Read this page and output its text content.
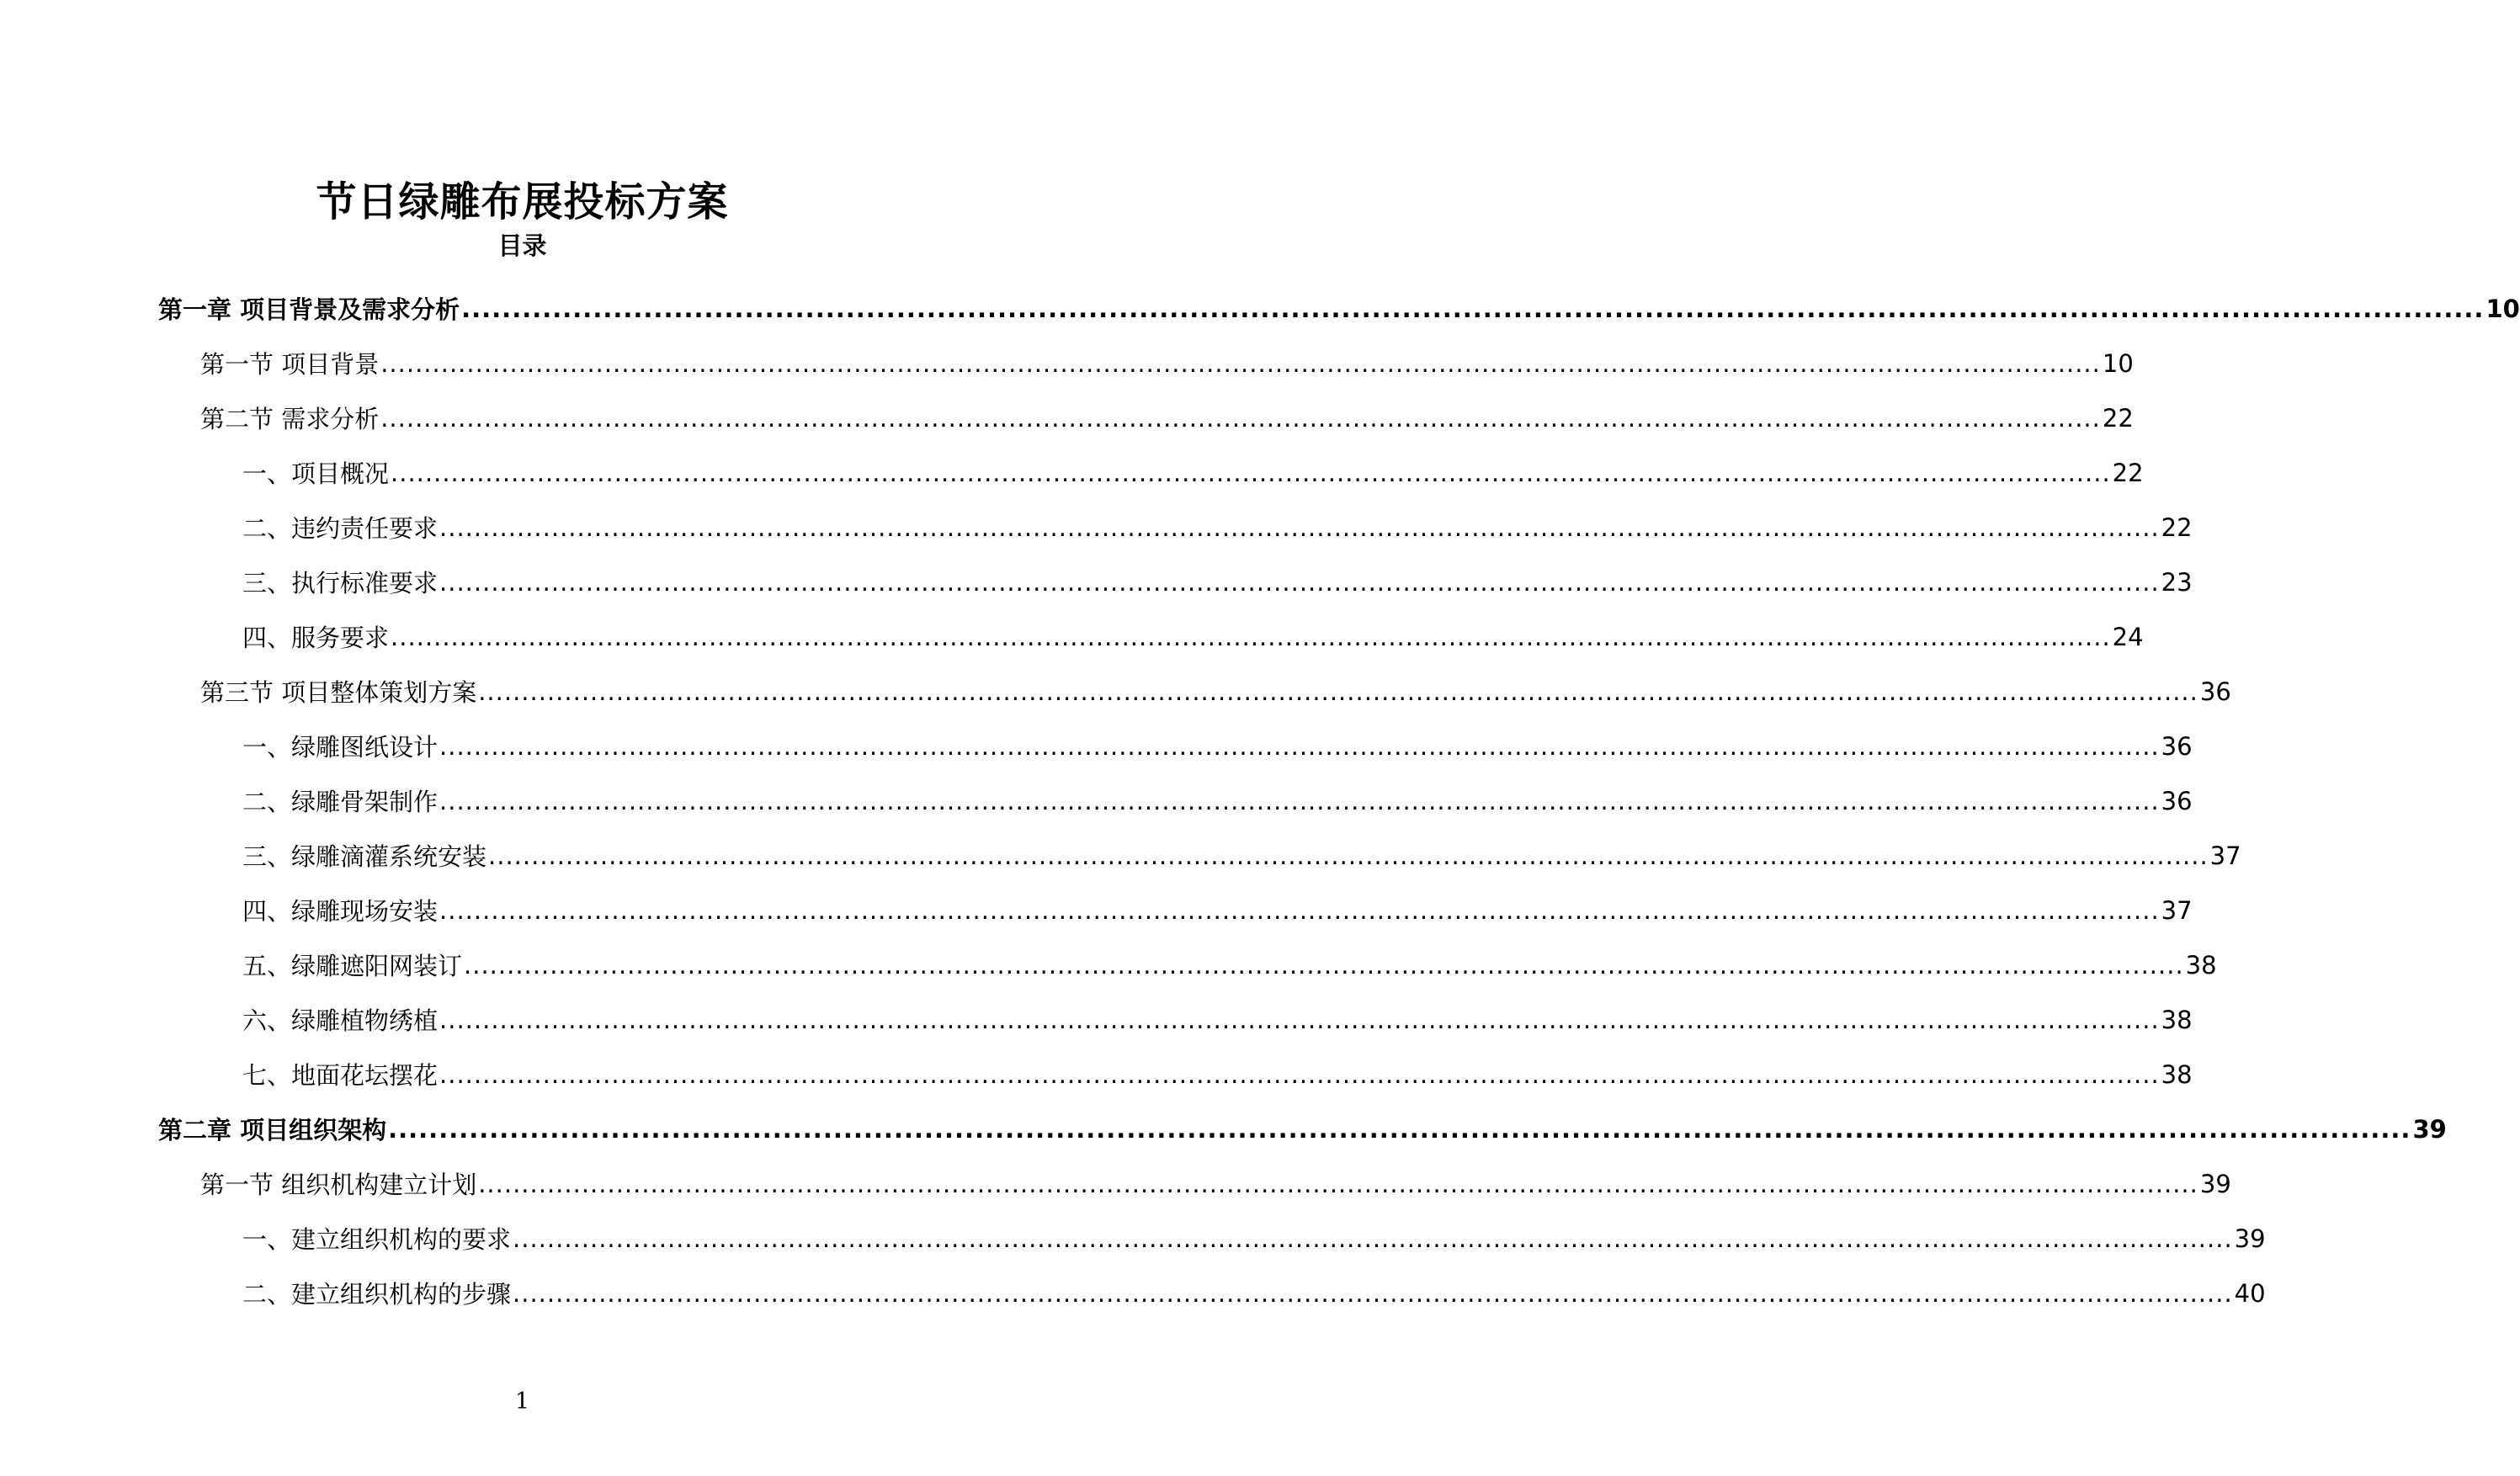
节日绿雕布展投标方案
目录
第一章 项目背景及需求分析 ........................................................................................................................................................................................................ 10
第一节 项目背景 ........................................................................................................................................................................................................ 10
第二节 需求分析 ........................................................................................................................................................................................................ 22
一、项目概况 ........................................................................................................................................................................................................ 22
二、违约责任要求 ........................................................................................................................................................................................................ 22
三、执行标准要求 ........................................................................................................................................................................................................ 23
四、服务要求 ........................................................................................................................................................................................................ 24
第三节 项目整体策划方案 ........................................................................................................................................................................................................ 36
一、绿雕图纸设计 ........................................................................................................................................................................................................ 36
二、绿雕骨架制作 ........................................................................................................................................................................................................ 36
三、绿雕滴灌系统安装 ........................................................................................................................................................................................................ 37
四、绿雕现场安装 ........................................................................................................................................................................................................ 37
五、绿雕遮阳网装订 ........................................................................................................................................................................................................ 38
六、绿雕植物绣植 ........................................................................................................................................................................................................ 38
七、地面花坛摆花 ........................................................................................................................................................................................................ 38
第二章 项目组织架构 ........................................................................................................................................................................................................ 39
第一节 组织机构建立计划 ........................................................................................................................................................................................................ 39
一、建立组织机构的要求 ........................................................................................................................................................................................................ 39
二、建立组织机构的步骤 ........................................................................................................................................................................................................ 40
1
